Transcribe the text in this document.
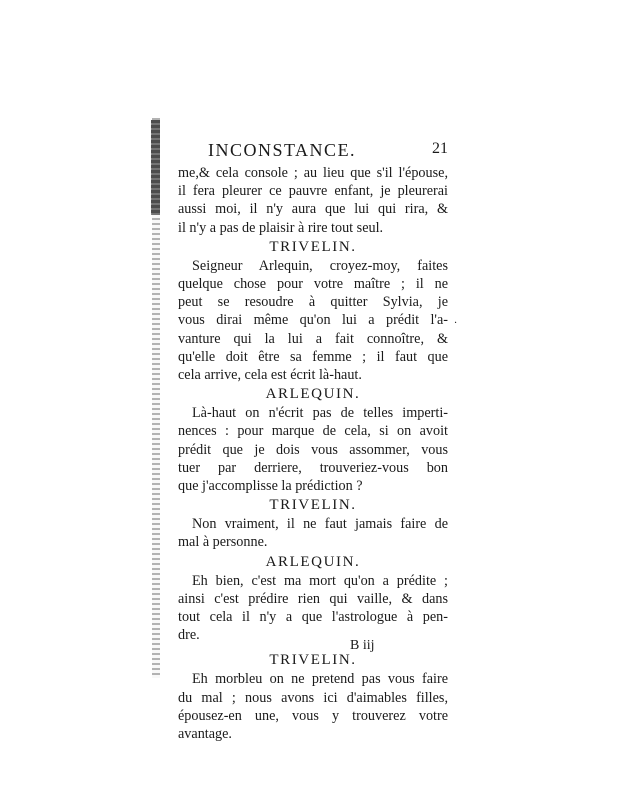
INCONSTANCE.	21
me,& cela console ; au lieu que s'il l'épouse,
il fera pleurer ce pauvre enfant, je pleurerai
aussi moi, il n'y aura que lui qui rira, &
il n'y a pas de plaisir à rire tout seul.
TRIVELIN.
Seigneur Arlequin, croyez-moy, faites
quelque chose pour votre maître ; il ne
peut se resoudre à quitter Sylvia, je
vous dirai même qu'on lui a prédit l'a-
vanture qui la lui a fait connoître, &
qu'elle doit être sa femme ; il faut que
cela arrive, cela est écrit là-haut.
ARLEQUIN.
Là-haut on n'écrit pas de telles imperti-
nences : pour marque de cela, si on avoit
prédit que je dois vous assommer, vous
tuer par derriere, trouveriez-vous bon
que j'accomplisse la prédiction ?
TRIVELIN.
Non vraiment, il ne faut jamais faire de
mal à personne.
ARLEQUIN.
Eh bien, c'est ma mort qu'on a prédite ;
ainsi c'est prédire rien qui vaille, & dans
tout cela il n'y a que l'astrologue à pen-
dre.
TRIVELIN.
Eh morbleu on ne pretend pas vous faire
du mal ; nous avons ici d'aimables filles,
épousez-en une, vous y trouverez votre
avantage.
·
B iij
